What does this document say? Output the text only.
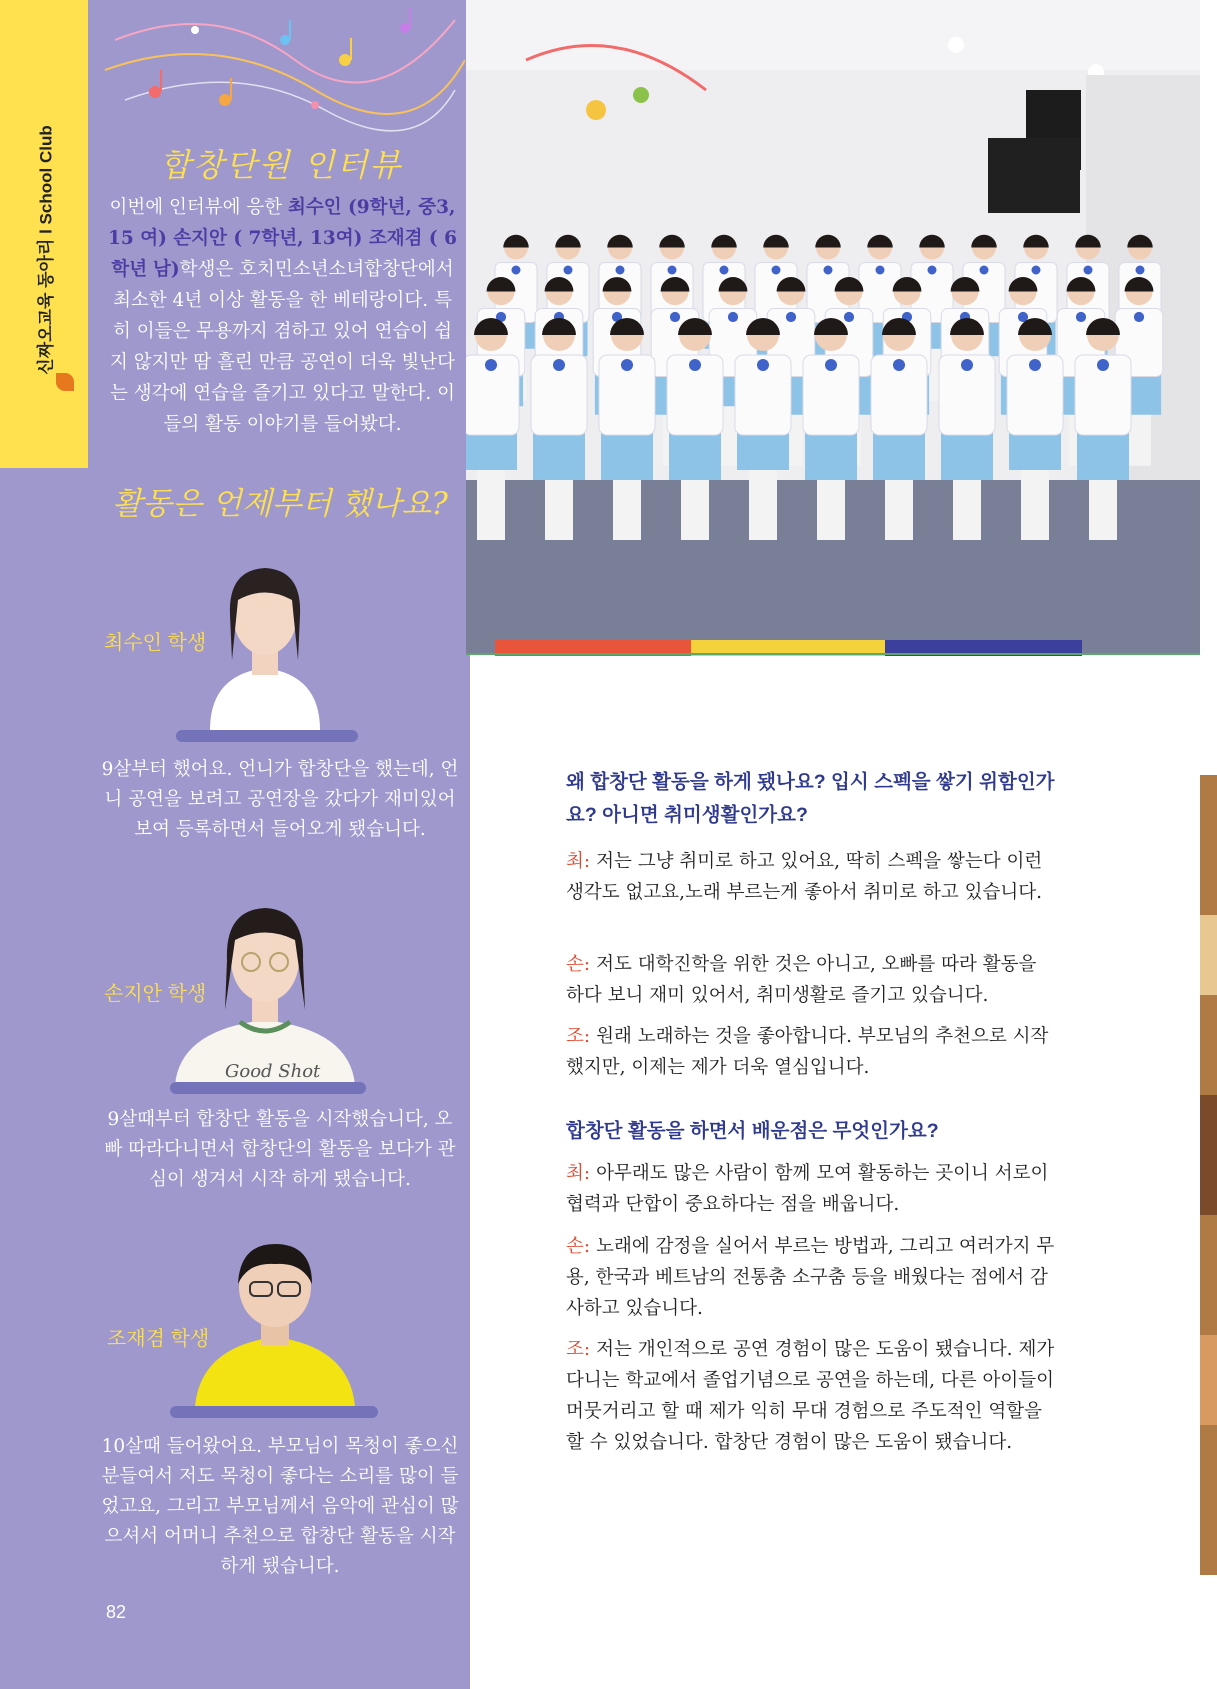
신짜오교육 동아리 l School Club	합창단원 인터뷰

이번에 인터뷰에 응한 최수인 (9학년, 중3, 15 여) 손지안 ( 7학년, 13여) 조재겸 ( 6학년 남)학생은 호치민소년소녀합창단에서 최소한 4년 이상 활동을 한 베테랑이다. 특히 이들은 무용까지 겸하고 있어 연습이 쉽지 않지만 땀 흘린 만큼 공연이 더욱 빛난다는 생각에 연습을 즐기고 있다고 말한다. 이들의 활동 이야기를 들어봤다.

활동은 언제부터 했나요?
최수인 학생

9살부터 했어요. 언니가 합창단을 했는데, 언니 공연을 보려고 공연장을 갔다가 재미있어 보여 등록하면서 들어오게 됐습니다.

손지안 학생
Good Shot

9살때부터 합창단 활동을 시작했습니다, 오빠 따라다니면서 합창단의 활동을 보다가 관심이 생겨서 시작 하게 됐습니다.

조재겸 학생

10살때 들어왔어요. 부모님이 목청이 좋으신분들여서 저도 목청이 좋다는 소리를 많이 들었고요, 그리고 부모님께서 음악에 관심이 많으셔서 어머니 추천으로 합창단 활동을 시작하게 됐습니다.

82

왜 합창단 활동을 하게 됐나요? 입시 스펙을 쌓기 위함인가요? 아니면 취미생활인가요?

최: 저는 그냥 취미로 하고 있어요, 딱히 스펙을 쌓는다 이런 생각도 없고요,노래 부르는게 좋아서 취미로 하고 있습니다.

손: 저도 대학진학을 위한 것은 아니고, 오빠를 따라 활동을 하다 보니 재미 있어서, 취미생활로 즐기고 있습니다.

조: 원래 노래하는 것을 좋아합니다. 부모님의 추천으로 시작했지만, 이제는 제가 더욱 열심입니다.

합창단 활동을 하면서 배운점은 무엇인가요?

최: 아무래도 많은 사람이 함께 모여 활동하는 곳이니 서로이 협력과 단합이 중요하다는 점을 배웁니다.

손: 노래에 감정을 실어서 부르는 방법과, 그리고 여러가지 무용, 한국과 베트남의 전통춤 소구춤 등을 배웠다는 점에서 감사하고 있습니다.

조: 저는 개인적으로 공연 경험이 많은 도움이 됐습니다. 제가 다니는 학교에서 졸업기념으로 공연을 하는데, 다른 아이들이 머뭇거리고 할 때 제가 익히 무대 경험으로 주도적인 역할을 할 수 있었습니다. 합창단 경험이 많은 도움이 됐습니다.
